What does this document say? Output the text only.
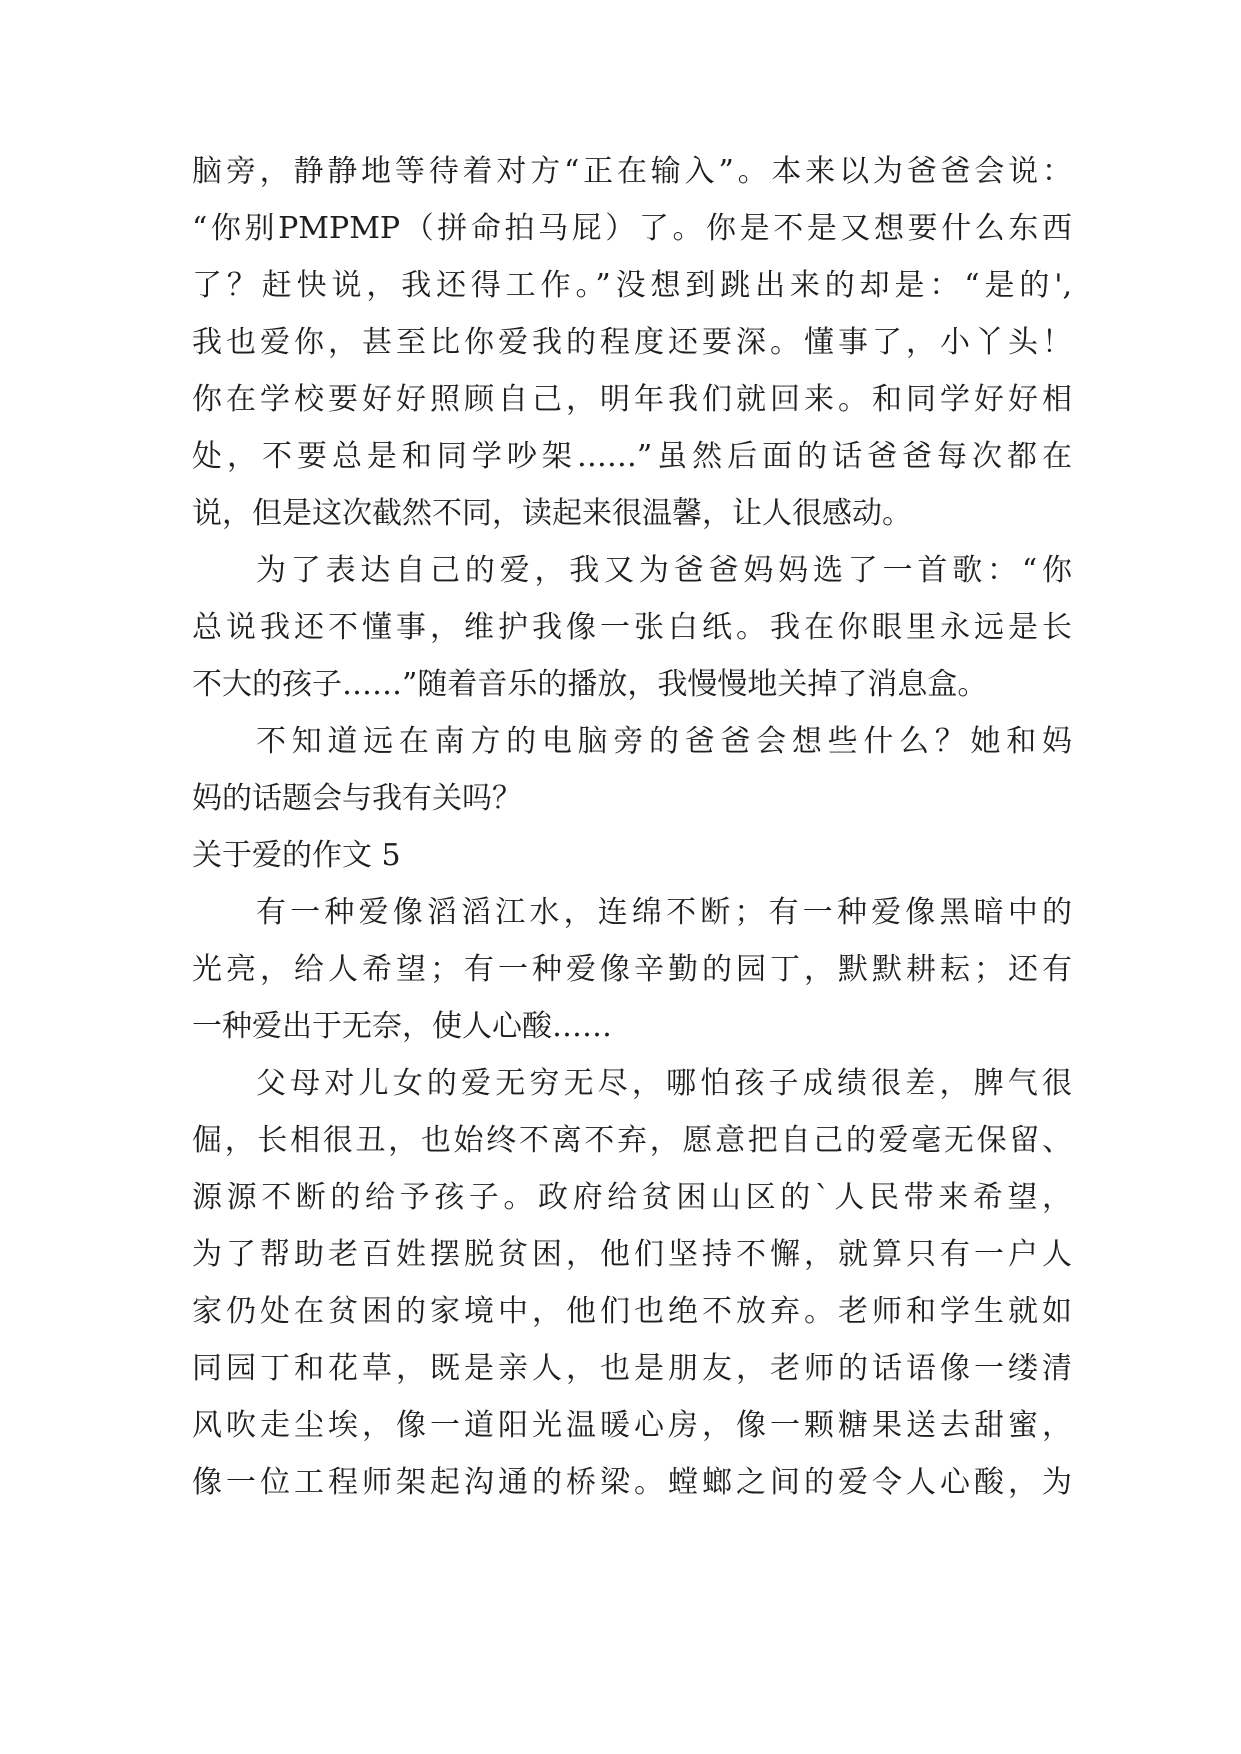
脑旁，静静地等待着对方“正在输入”。本来以为爸爸会说：
“你别PMPMP（拼命拍马屁）了。你是不是又想要什么东西
了？赶快说，我还得工作。”没想到跳出来的却是：“是的',
我也爱你，甚至比你爱我的程度还要深。懂事了，小丫头！
你在学校要好好照顾自己，明年我们就回来。和同学好好相
处，不要总是和同学吵架……”虽然后面的话爸爸每次都在
说，但是这次截然不同，读起来很温馨，让人很感动。
为了表达自己的爱，我又为爸爸妈妈选了一首歌：“你
总说我还不懂事，维护我像一张白纸。我在你眼里永远是长
不大的孩子……”随着音乐的播放，我慢慢地关掉了消息盒。
不知道远在南方的电脑旁的爸爸会想些什么？她和妈
妈的话题会与我有关吗？
关于爱的作文 5
有一种爱像滔滔江水，连绵不断；有一种爱像黑暗中的
光亮，给人希望；有一种爱像辛勤的园丁，默默耕耘；还有
一种爱出于无奈，使人心酸……
父母对儿女的爱无穷无尽，哪怕孩子成绩很差，脾气很
倔，长相很丑，也始终不离不弃，愿意把自己的爱毫无保留、
源源不断的给予孩子。政府给贫困山区的`人民带来希望，
为了帮助老百姓摆脱贫困，他们坚持不懈，就算只有一户人
家仍处在贫困的家境中，他们也绝不放弃。老师和学生就如
同园丁和花草，既是亲人，也是朋友，老师的话语像一缕清
风吹走尘埃，像一道阳光温暖心房，像一颗糖果送去甜蜜，
像一位工程师架起沟通的桥梁。螳螂之间的爱令人心酸，为
